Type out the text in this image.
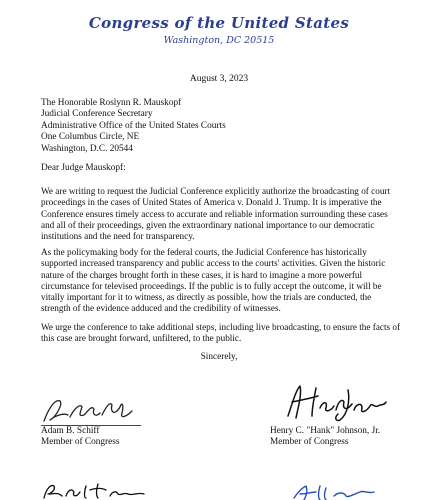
Congress of the United States
Washington, DC 20515
August 3, 2023
The Honorable Roslynn R. Mauskopf
Judicial Conference Secretary
Administrative Office of the United States Courts
One Columbus Circle, NE
Washington, D.C. 20544
Dear Judge Mauskopf:

We are writing to request the Judicial Conference explicitly authorize the broadcasting of court proceedings in the cases of United States of America v. Donald J. Trump. It is imperative the Conference ensures timely access to accurate and reliable information surrounding these cases and all of their proceedings, given the extraordinary national importance to our democratic institutions and the need for transparency.

As the policymaking body for the federal courts, the Judicial Conference has historically supported increased transparency and public access to the courts' activities. Given the historic nature of the charges brought forth in these cases, it is hard to imagine a more powerful circumstance for televised proceedings. If the public is to fully accept the outcome, it will be vitally important for it to witness, as directly as possible, how the trials are conducted, the strength of the evidence adduced and the credibility of witnesses.

We urge the conference to take additional steps, including live broadcasting, to ensure the facts of this case are brought forward, unfiltered, to the public.

Sincerely,
Adam B. Schiff
Member of Congress
Henry C. "Hank" Johnson, Jr.
Member of Congress
